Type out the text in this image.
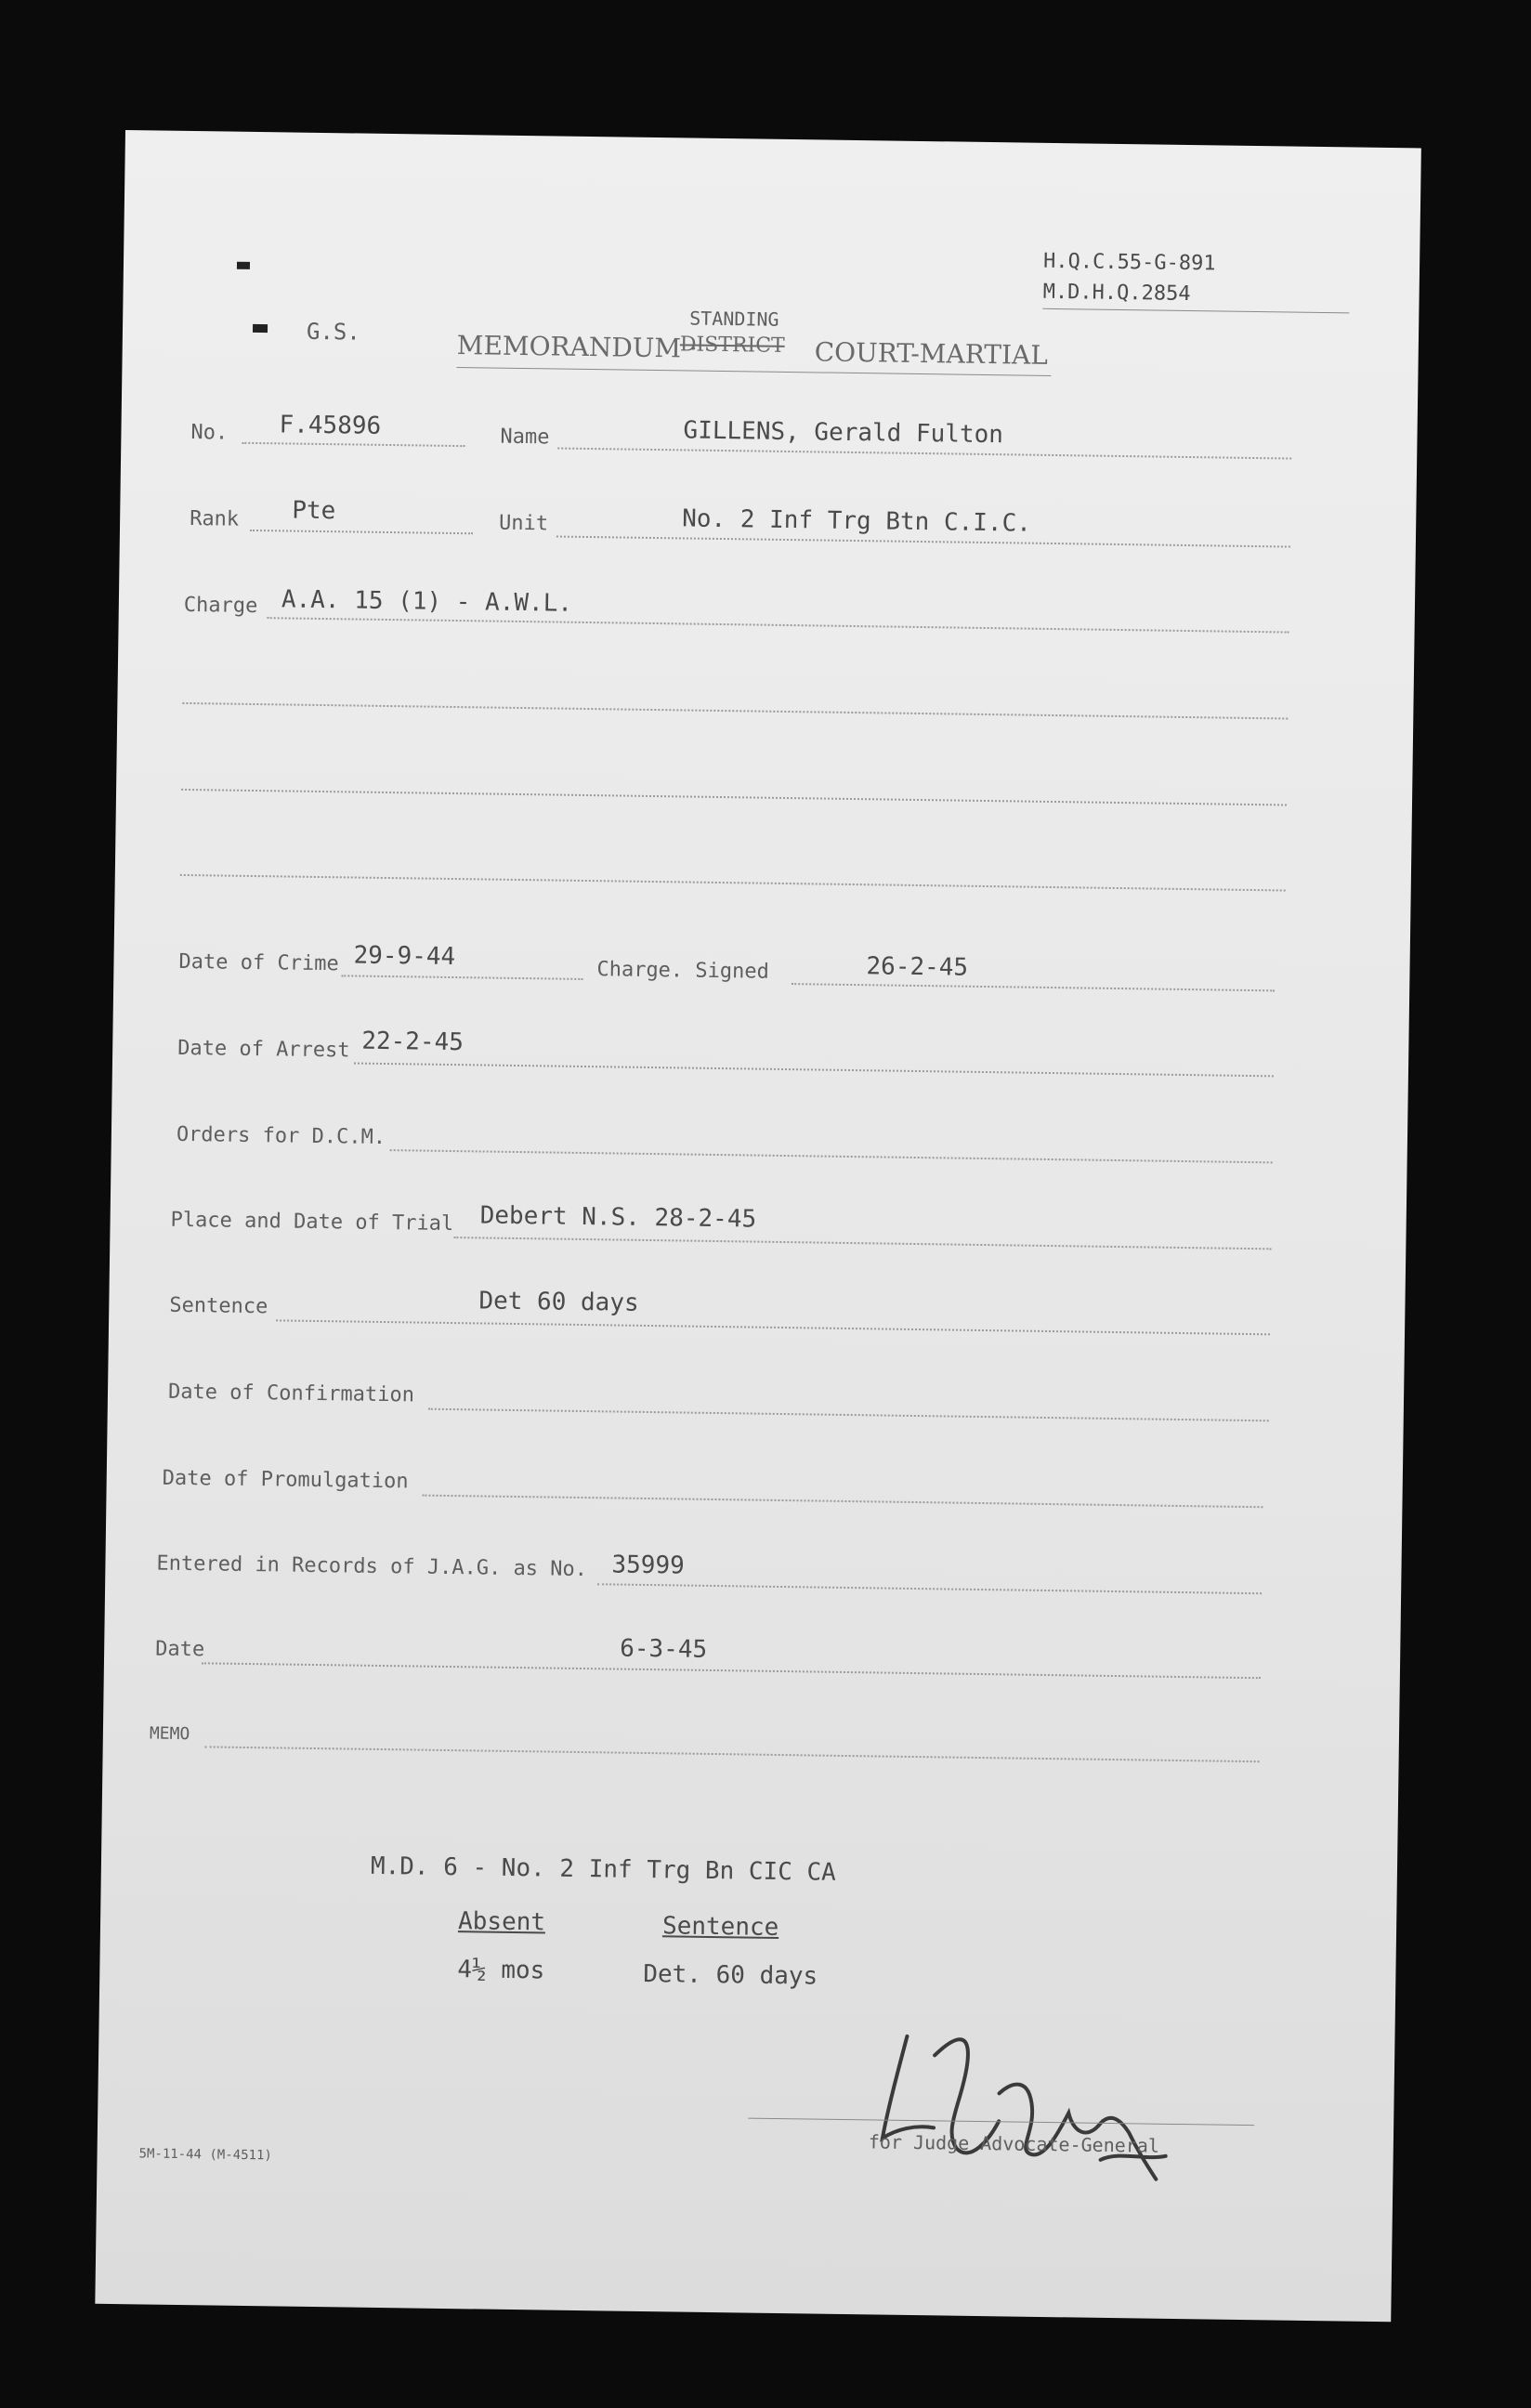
H.Q.C.55-G-891
M.D.H.Q.2854
G.S.	MEMORANDUM ·
STANDING
DISTRICT COURT-MARTIAL
No. F.45896	Name	GILLENS, Gerald Fulton
Rank Pte	Unit	No. 2 Inf Trg Btn C.I.C.
Charge A.A. 15 (1) - A.W.L.
Date of Crime 29-9-44	Charge. Signed	26-2-45
Date of Arrest 22-2-45
Orders for D.C.M.
Place and Date of Trial Debert N.S. 28-2-45
Sentence	Det 60 days
Date of Confirmation
Date of Promulgation
Entered in Records of J.A.G. as No. 35999
Date	6-3-45
MEMO
M.D. 6 - No. 2 Inf Trg Bn CIC CA
Absent	Sentence
4½ mos	Det. 60 days
for Judge Advocate-General
5M-11-44 (M-4511)
